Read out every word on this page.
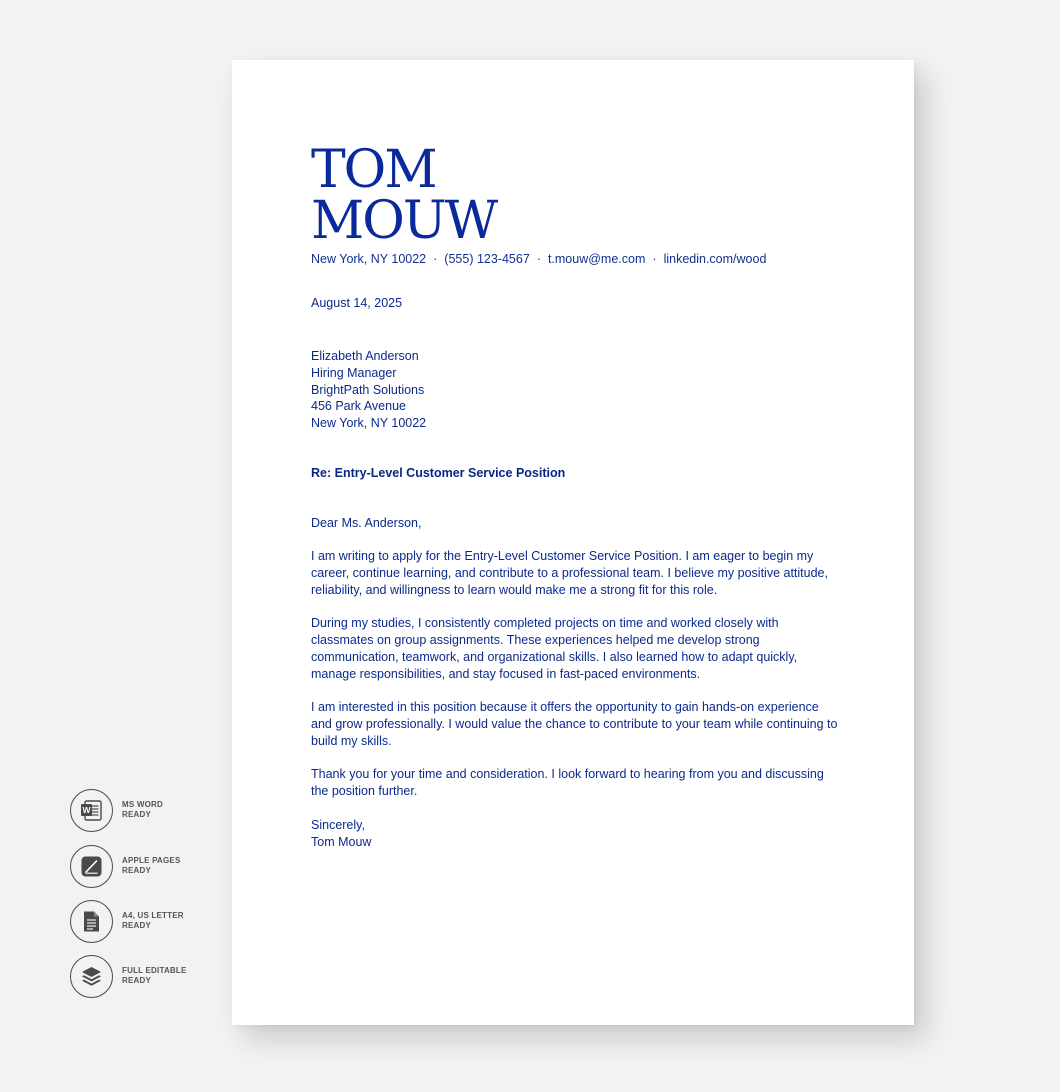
W
MS WORD
READY
APPLE PAGES
READY
A4, US LETTER
READY
FULL EDITABLE
READY
TOM
MOUW
New York, NY 10022 · (555) 123-4567 · t.mouw@me.com · linkedin.com/wood
August 14, 2025
Elizabeth Anderson
Hiring Manager
BrightPath Solutions
456 Park Avenue
New York, NY 10022
Re: Entry-Level Customer Service Position

Dear Ms. Anderson,

I am writing to apply for the Entry-Level Customer Service Position. I am eager to begin my career, continue learning, and contribute to a professional team. I believe my positive attitude, reliability, and willingness to learn would make me a strong fit for this role.

During my studies, I consistently completed projects on time and worked closely with classmates on group assignments. These experiences helped me develop strong communication, teamwork, and organizational skills. I also learned how to adapt quickly, manage responsibilities, and stay focused in fast-paced environments.

I am interested in this position because it offers the opportunity to gain hands-on experience and grow professionally. I would value the chance to contribute to your team while continuing to build my skills.

Thank you for your time and consideration. I look forward to hearing from you and discussing the position further.

Sincerely,
Tom Mouw
